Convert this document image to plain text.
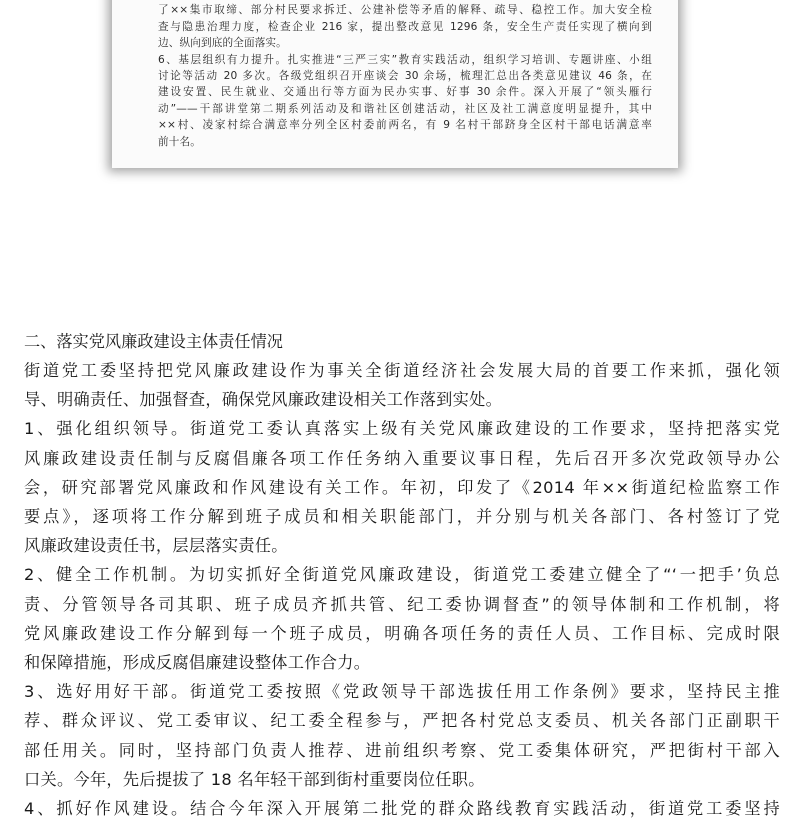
了××集市取缔、部分村民要求拆迁、公建补偿等矛盾的解释、疏导、稳控工作。加大安全检
查与隐患治理力度，检查企业 216 家，提出整改意见 1296 条，安全生产责任实现了横向到
边、纵向到底的全面落实。
6、基层组织有力提升。扎实推进“三严三实”教育实践活动，组织学习培训、专题讲座、小组
讨论等活动 20 多次。各级党组织召开座谈会 30 余场，梳理汇总出各类意见建议 46 条，在
建设安置、民生就业、交通出行等方面为民办实事、好事 30 余件。深入开展了“领头雁行
动”——干部讲堂第二期系列活动及和谐社区创建活动，社区及社工满意度明显提升，其中
××村、凌家村综合满意率分列全区村委前两名，有 9 名村干部跻身全区村干部电话满意率
前十名。
二、落实党风廉政建设主体责任情况
街道党工委坚持把党风廉政建设作为事关全街道经济社会发展大局的首要工作来抓，强化领
导、明确责任、加强督查，确保党风廉政建设相关工作落到实处。
1、强化组织领导。街道党工委认真落实上级有关党风廉政建设的工作要求，坚持把落实党
风廉政建设责任制与反腐倡廉各项工作任务纳入重要议事日程，先后召开多次党政领导办公
会，研究部署党风廉政和作风建设有关工作。年初，印发了《2014 年××街道纪检监察工作
要点》，逐项将工作分解到班子成员和相关职能部门，并分别与机关各部门、各村签订了党
风廉政建设责任书，层层落实责任。
2、健全工作机制。为切实抓好全街道党风廉政建设，街道党工委建立健全了“‘一把手’负总
责、分管领导各司其职、班子成员齐抓共管、纪工委协调督查”的领导体制和工作机制，将
党风廉政建设工作分解到每一个班子成员，明确各项任务的责任人员、工作目标、完成时限
和保障措施，形成反腐倡廉建设整体工作合力。
3、选好用好干部。街道党工委按照《党政领导干部选拔任用工作条例》要求，坚持民主推
荐、群众评议、党工委审议、纪工委全程参与，严把各村党总支委员、机关各部门正副职干
部任用关。同时，坚持部门负责人推荐、进前组织考察、党工委集体研究，严把街村干部入
口关。今年，先后提拔了 18 名年轻干部到街村重要岗位任职。
4、抓好作风建设。结合今年深入开展第二批党的群众路线教育实践活动，街道党工委坚持
